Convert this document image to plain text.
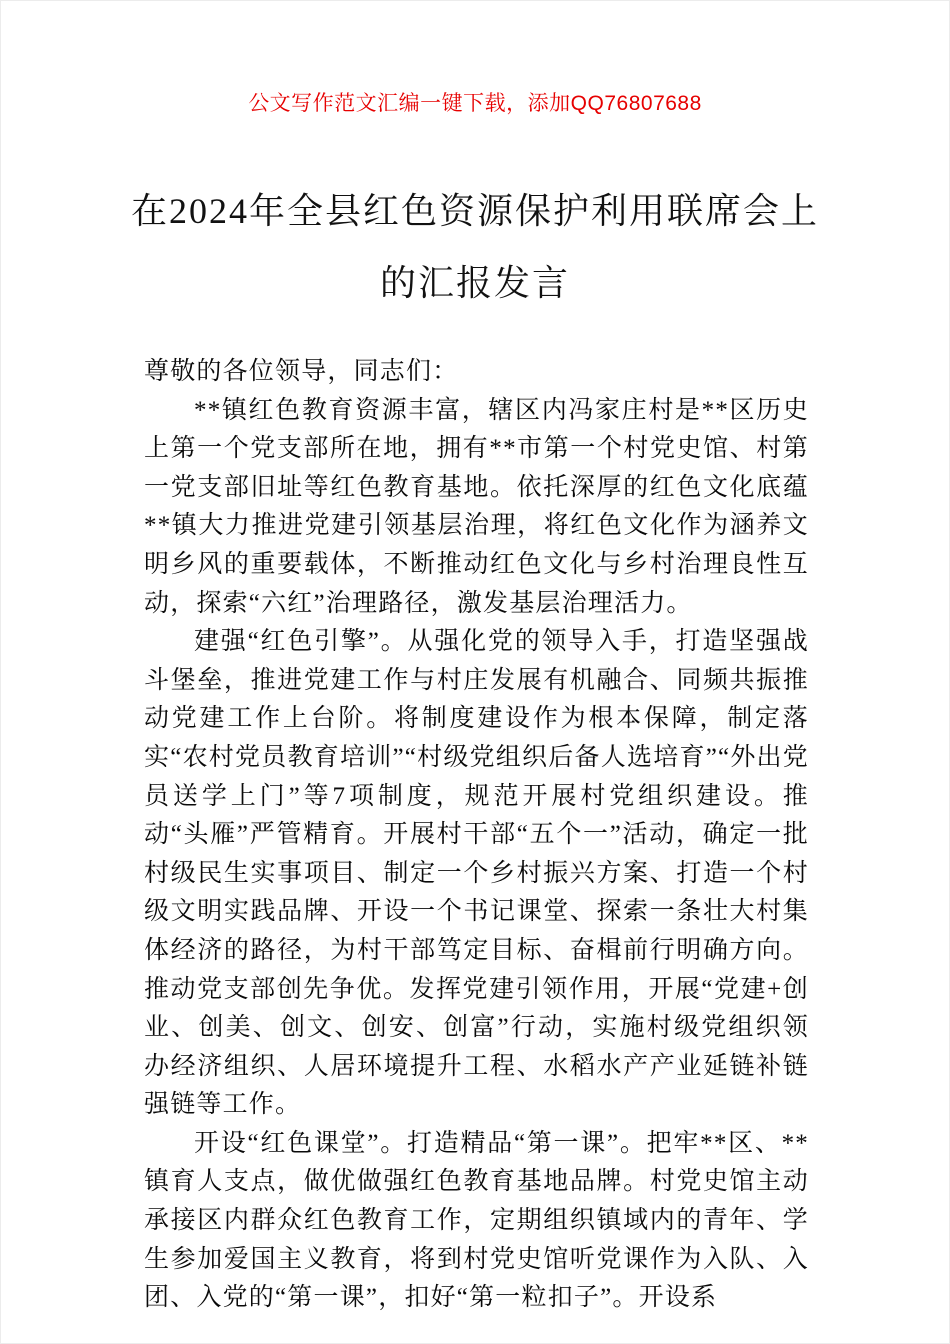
公文写作范文汇编一键下载，添加QQ76807688
在2024年全县红色资源保护利用联席会上
的汇报发言

尊敬的各位领导，同志们：

**镇红色教育资源丰富，辖区内冯家庄村是**区历史上第一个党支部所在地，拥有**市第一个村党史馆、村第一党支部旧址等红色教育基地。依托深厚的红色文化底蕴**镇大力推进党建引领基层治理，将红色文化作为涵养文明乡风的重要载体，不断推动红色文化与乡村治理良性互动，探索“六红”治理路径，激发基层治理活力。

建强“红色引擎”。从强化党的领导入手，打造坚强战斗堡垒，推进党建工作与村庄发展有机融合、同频共振推动党建工作上台阶。将制度建设作为根本保障，制定落实“农村党员教育培训”“村级党组织后备人选培育”“外出党员送学上门”等7项制度，规范开展村党组织建设。推动“头雁”严管精育。开展村干部“五个一”活动，确定一批村级民生实事项目、制定一个乡村振兴方案、打造一个村级文明实践品牌、开设一个书记课堂、探索一条壮大村集体经济的路径，为村干部笃定目标、奋楫前行明确方向。推动党支部创先争优。发挥党建引领作用，开展“党建+创业、创美、创文、创安、创富”行动，实施村级党组织领办经济组织、人居环境提升工程、水稻水产产业延链补链强链等工作。

开设“红色课堂”。打造精品“第一课”。把牢**区、**镇育人支点，做优做强红色教育基地品牌。村党史馆主动承接区内群众红色教育工作，定期组织镇域内的青年、学生参加爱国主义教育，将到村党史馆听党课作为入队、入团、入党的“第一课”，扣好“第一粒扣子”。开设系
